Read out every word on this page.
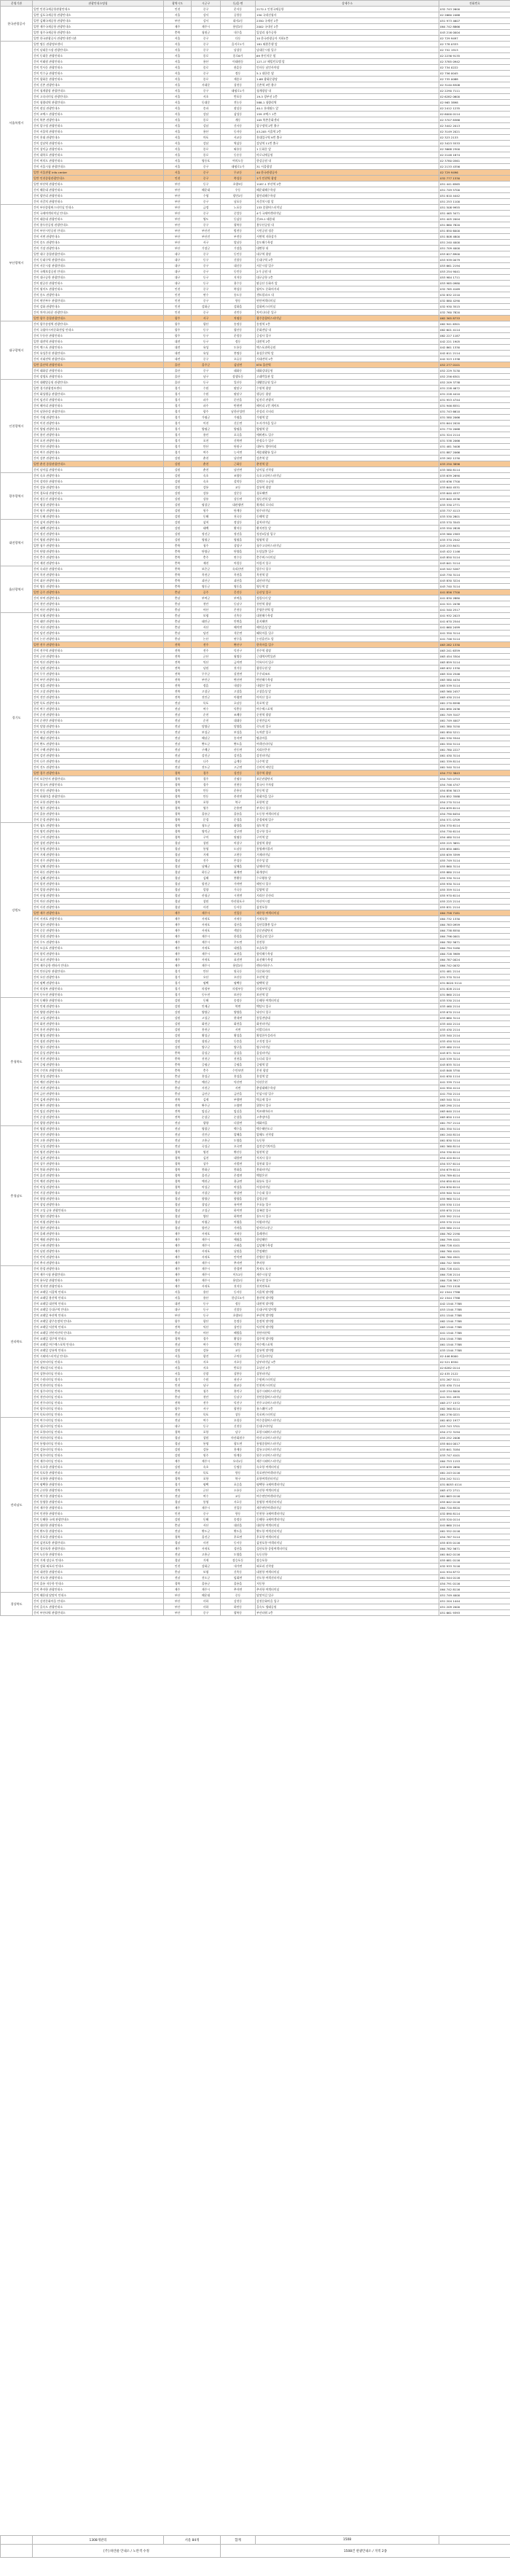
운영기관	관광안내소명칭	광역시도	시군구	동/읍·면	상세주소	전화번호
한국관광공사	일반 인천국제공항관광안내소	인천	중구	운서동	2172-1 인천국제공항	032 743 2600
	일반 김포국제공항 관광안내소	서울	강서	공항동	150 국내선청사	02 2660 2468
	일반 김해국제공항 관광안내소	부산	강서	대저2동	2350 국제선 1층	051 973 4607
	일반 제주국제공항 관광안내소	제주	제주시	용담2동	2002 국내선 1층	064 742 8866
	일반 청주국제공항 관광안내소	충북	청원군	내수읍	입상리 청주공항	043 216 0004
	일반 한국관광공사 관광안내전시관	서울	중구	다동	10 한국관광공사 지하1층	02 729 9497
서울특별시	일반 명동 관광정보센터	서울	중구	을지로1가	181 외환은행 앞	02 778 0333
	간이 남대문시장 관광안내소	서울	중구	남창동	남대문시장 입구	02 752 1913
	간이 동대문 관광안내소	서울	종로	종로6가	69 흥인지문 옆	02 2236 9135
	간이 이태원 관광안내소	서울	용산	이태원동	127-17 해밀턴호텔 앞	02 3785 0942
	간이 인사동 관광안내소	서울	종로	관훈동	인사동 남인사마당	02 734 0222
	간이 덕수궁 관광안내소	서울	중구	정동	5-1 대한문 옆	02 756 0045
	간이 광화문 관광안내소	서울	종로	세종로	1-68 광화문광장	02 735 0088
	간이 신촌 관광안내소	서울	서대문	창천동	신촌역 3번 출구	02 3140 8308
	간이 청계광장 관광안내소	서울	중구	태평로1가	청계광장 내	02 2290 7111
	간이 고속터미널 관광안내소	서울	서초	반포동	19-3 경부선 1층	02 6282 0600
	간이 청량리역 관광안내소	서울	동대문	전농동	588-1 청량리역	02 965 3898
	간이 잠실 관광안내소	서울	송파	잠실동	40-1 롯데월드 앞	02 2412 1235
	간이 코엑스 관광안내소	서울	강남	삼성동	159 코엑스 1층	02 6000 0114
	간이 북촌 관광안내소	서울	종로	계동	105 북촌문화센터	02 3707 8388
	간이 압구정 관광안내소	서울	강남	신사동	압구정역 2번 출구	02 3442 2013
	간이 서울역 관광안내소	서울	용산	동자동	43-205 서울역 2층	02 3149 2021
	간이 홍대 관광안내소	서울	마포	서교동	홍대입구역 9번 출구	02 323 2133
	간이 강남역 관광안내소	서울	강남	역삼동	강남역 11번 출구	02 3423 5533
	간이 창덕궁 관광안내소	서울	종로	와룡동	1 돈화문 앞	02 3668 2300
	간이 대학로 관광안내소	서울	종로	동숭동	마로니에공원	02 2148 1874
	간이 여의도 관광안내소	서울	영등포	여의도동	한강공원 내	02 3780 0561
	간이 서울시청 관광안내소	서울	중구	태평로1가	31 서울광장	02 2133 4356
	일반 서울관광 info center	서울	중구	무교동	40 한국관광공사	02 729 9496
	일반 인천종합관광안내소	인천	중구	북성동	1가 인천역 광장	032 777 1330
	일반 부산역 관광안내소	부산	동구	초량3동	1187-1 부산역 2층	051 441 6565
	간이 해운대 관광안내소	부산	해운대	우동	해운대해수욕장	051 749 5700
	간이 광안리 관광안내소	부산	수영	광안2동	광안리해수욕장	051 610 4442
	간이 자갈치 관광안내소	부산	중구	남포동	자갈치시장 앞	051 253 1100
부산광역시	간이 부산종합버스터미널 안내소	부산	금정	노포동	133 종합버스터미널	051 508 9955
	간이 국제여객터미널 안내소	부산	중구	중앙동	4가 국제여객터미널	051 465 3471
	간이 태종대 관광안내소	부산	영도	동삼동	산29-1 태종대	051 405 2004
	간이 용두산공원 관광안내소	부산	중구	광복동	용두산공원 내	051 860 7820
	간이 부산시민공원 안내소	부산	부산진	범전동	시민공원 정문	051 850 6000
	간이 서면 관광안내소	부산	부산진	부전동	서면역 지하상가	051 808 4800
	간이 송도 관광안내소	부산	서구	암남동	송도해수욕장	051 240 4000
	간이 기장 관광안내소	부산	기장군	기장읍	대변항 내	051 709 4000
	일반 대구 종합관광안내소	대구	중구	동인동	대구역 광장	053 627 8900
	간이 동대구역 관광안내소	대구	동구	신암동	동대구역 1층	053 939 0079
	간이 서문시장 관광안내소	대구	중구	대신동	서문시장 입구	053 661 2194
	간이 국채보상공원 안내소	대구	중구	동인동	2가 공원 내	053 254 9041
	간이 대구공항 관광안내소	대구	동구	지저동	대구공항 1층	053 984 1711
	간이 팔공산 관광안내소	대구	동구	용수동	팔공산 동화사 앞	053 985 0980
	간이 월미도 관광안내소	인천	중구	북성동	월미도 문화의거리	032 765 4169
	간이 송도 관광안내소	인천	연수	송도동	센트럴파크 내	032 832 2210
	간이 연안부두 관광안내소	인천	중구	항동	연안여객터미널	032 880 4290
	간이 강화 관광안내소	인천	강화군	강화읍	강화버스터미널	032 930 3515
	간이 차이나타운 관광안내소	인천	중구	선린동	차이나타운 입구	032 760 7820
	일반 광주 종합관광안내소	광주	서구	치평동	광주종합버스터미널	062 365 8733
대구광역시	간이 광주송정역 관광안내소	광주	광산	송정동	송정역 1층	062 941 6301
	간이 국립아시아문화전당 안내소	광주	동구	광산동	문화전당 내	062 601 4114
	간이 무등산 관광안내소	광주	동구	운림동	증심사 입구	062 227 1187
	일반 대전역 관광안내소	대전	동구	정동	대전역 2층	042 221 1905
	간이 엑스포 관광안내소	대전	유성	도룡동	엑스포과학공원	042 861 1330
	간이 유성온천 관광안내소	대전	유성	봉명동	유성온천역 앞	042 611 2114
	간이 서대전역 관광안내소	대전	중구	오류동	서대전역 1층	042 523 1338
	일반 울산역 관광안내소	울산	울주군	삼남면	KTX 울산역	052 277 0101
	간이 태화강 관광안내소	울산	중구	태화동	태화강대공원	052 229 3130
	간이 장생포 관광안내소	울산	남구	장생포동	고래박물관 앞	052 256 6301
인천광역시	간이 대왕암공원 관광안내소	울산	동구	일산동	대왕암공원 입구	052 209 3738
	일반 경기관광정보센터	경기	수원	팔달구	수원역 광장	031 228 4672
	간이 화성행궁 관광안내소	경기	수원	팔달구	행궁동 광장	031 228 4410
	간이 임진각 관광안내소	경기	파주	문산읍	임진각 관광지	031 953 4744
	간이 헤이리 관광안내소	경기	파주	탄현면	헤이리 1번 게이트	031 946 8551
	간이 남한산성 관광안내소	경기	광주	남한산성면	산성리 로터리	031 743 6610
	간이 가평 관광안내소	경기	가평군	가평읍	가평역 앞	031 580 2066
	간이 이천 관광안내소	경기	이천	신둔면	도자기마을 입구	031 644 2020
	간이 양평 관광안내소	경기	양평군	양평읍	양평역 앞	031 770 2068
	간이 용인 관광안내소	경기	용인	포곡읍	에버랜드 입구	031 324 2114
	간이 포천 관광안내소	경기	포천	신북면	산정호수 입구	031 538 2066
	간이 안산 관광안내소	경기	안산	단원구	대부도 방아머리	031 481 3408
	간이 여주 관광안내소	경기	여주	능서면	세종대왕릉 입구	031 887 2066
	간이 강촌 관광안내소	강원	춘천	남산면	강촌역 앞	033 262 1230
	일반 춘천 종합관광안내소	강원	춘천	근화동	춘천역 앞	033 250 3896
	간이 남이섬 관광안내소	강원	춘천	남산면	남이섬 선착장	033 580 8114
광주광역시	간이 속초 관광안내소	강원	속초	조양동	속초고속버스터미널	033 639 2690
	간이 설악산 관광안내소	강원	속초	설악동	설악산 소공원	033 636 7700
	간이 강릉 관광안내소	강원	강릉	교동	강릉역 광장	033 640 4531
	간이 경포대 관광안내소	강원	강릉	강문동	경포해변	033 640 4537
	간이 정동진 관광안내소	강원	강릉	강동면	정동진역 앞	033 640 4536
	간이 평창 관광안내소	강원	평창군	대관령면	횡계리 로터리	033 330 2771
	간이 원주 관광안내소	강원	원주	단계동	원주터미널	033 737 4113
	간이 동해 관광안내소	강원	동해	천곡동	동해역 앞	033 530 2801
대전광역시	간이 삼척 관광안내소	강원	삼척	정상동	삼척터미널	033 570 3545
	간이 태백 관광안내소	강원	태백	황지동	황지연못 앞	033 550 2828
	간이 정선 관광안내소	강원	정선군	정선읍	정선5일장 입구	033 560 2363
	간이 영월 관광안내소	강원	영월군	영월읍	영월역 앞	033 370 2542
	일반 청주 관광안내소	충북	청주	상당구	청주고속버스터미널	043 233 8431
	간이 단양 관광안내소	충북	단양군	단양읍	도담삼봉 입구	043 422 1146
	간이 충주 관광안내소	충북	충주	연수동	충주버스터미널	043 850 5114
	간이 제천 관광안내소	충북	제천	의림동	의림지 입구	043 641 5114
울산광역시	간이 속리산 관광안내소	충북	보은군	속리산면	법주사 입구	043 542 5267
	간이 옥천 관광안내소	충북	옥천군	옥천읍	옥천역 앞	043 730 3114
	간이 괴산 관광안내소	충북	괴산군	괴산읍	괴산터미널	043 830 3224
	간이 영동 관광안내소	충북	영동군	영동읍	영동역 앞	043 740 3114
	일반 공주 관광안내소	충남	공주	웅진동	공산성 입구	041 856 7700
	간이 부여 관광안내소	충남	부여군	부여읍	정림사지 앞	041 830 2880
	간이 천안 관광안내소	충남	천안	동남구	천안역 광장	041 521 2038
	간이 아산 관광안내소	충남	아산	온천동	온양온천역 앞	041 540 2517
경기도	간이 보령 관광안내소	충남	보령	신흑동	대천해수욕장	041 932 2023
	간이 태안 관광안내소	충남	태안군	안면읍	꽃지해변	041 670 2544
	간이 서산 관광안내소	충남	서산	해미면	해미읍성 앞	041 660 2499
	간이 당진 관광안내소	충남	당진	석문면	왜목마을 입구	041 350 3114
	간이 논산 관광안내소	충남	논산	연무읍	논산훈련소 앞	041 746 5114
	일반 전주 관광안내소	전북	전주	완산구	한옥마을 입구	063 282 1330
	간이 전주역 관광안내소	전북	전주	덕진구	전주역 광장	063 241 6359
	간이 군산 관광안내소	전북	군산	월명동	근대역사박물관	063 454 3304
	간이 익산 관광안내소	전북	익산	금마면	미륵사지 입구	063 859 5114
	간이 남원 관광안내소	전북	남원	천거동	광한루원 앞	063 632 1330
	간이 무주 관광안내소	전북	무주군	설천면	무주리조트	063 320 2546
	간이 부안 관광안내소	전북	부안군	변산면	변산해수욕장	063 580 4434
	간이 정읍 관광안내소	전북	정읍	내장동	내장산 입구	063 539 5114
	간이 고창 관광안내소	전북	고창군	고창읍	고창읍성 앞	063 560 2457
	간이 진안 관광안내소	전북	진안군	마령면	마이산 입구	063 430 2114
	일반 목포 관광안내소	전남	목포	호남동	목포역 앞	061 270 8598
	간이 여수 관광안내소	전남	여수	덕충동	여수엑스포역	061 690 2036
	간이 순천 관광안내소	전남	순천	조례동	순천역 광장	061 749 3107
	간이 순천만 관광안내소	전남	순천	대대동	순천만습지	061 749 4007
	간이 담양 관광안내소	전남	담양군	담양읍	죽녹원 입구	061 380 3150
	간이 보성 관광안내소	전남	보성군	보성읍	녹차밭 입구	061 850 5211
	간이 해남 관광안내소	전남	해남군	송지면	땅끝마을	061 530 5544
	간이 완도 관광안내소	전남	완도군	완도읍	여객선터미널	061 550 5114
	간이 구례 관광안내소	전남	구례군	산동면	지리산온천	061 780 2227
	간이 강진 관광안내소	전남	강진군	강진읍	강진터미널	061 430 3114
	간이 나주 관광안내소	전남	나주	금계동	나주역 앞	061 339 8114
	간이 진도 관광안내소	전남	진도군	고군면	신비의 바닷길	061 540 3114
	일반 경주 관광안내소	경북	경주	성건동	경주역 광장	054 772 3843
	간이 보문단지 관광안내소	경북	경주	신평동	보문관광단지	054 745 0753
	간이 불국사 관광안내소	경북	경주	진현동	불국사 주차장	054 746 4747
	간이 안동 관광안내소	경북	안동	운흥동	안동역 앞	054 856 3013
	간이 하회마을 관광안내소	경북	안동	풍천면	하회마을 입구	054 852 3588
	간이 포항 관광안내소	경북	포항	북구	포항역 앞	054 270 5114
	간이 영주 관광안내소	경북	영주	순흥면	부석사 입구	054 639 6114
	간이 울릉 관광안내소	경북	울릉군	울릉읍	도동항 여객터미널	054 790 6454
	간이 문경 관광안내소	경북	문경	문경읍	문경새재 입구	054 571 0709
강원도	간이 청도 관광안내소	경북	청도군	화양읍	청도역 앞	054 370 6114
	간이 영덕 관광안내소	경북	영덕군	강구면	강구항 입구	054 730 6114
	간이 구미 관광안내소	경북	구미	원평동	구미역 앞	054 480 5114
	일반 창원 관광안내소	경남	창원	의창구	창원역 광장	055 225 3691
	간이 통영 관광안내소	경남	통영	도남동	통영케이블카	055 650 4681
	간이 거제 관광안내소	경남	거제	고현동	거제터미널	055 639 3399
	간이 진주 관광안내소	경남	진주	본성동	진주성 앞	055 749 5114
	간이 남해 관광안내소	경남	남해군	남해읍	남해터미널	055 860 3114
	간이 하동 관광안내소	경남	하동군	화개면	화개장터	055 880 2114
	간이 김해 관광안내소	경남	김해	봉황동	수로왕릉 앞	055 330 3114
	간이 합천 관광안내소	경남	합천군	가야면	해인사 입구	055 930 3114
	간이 밀양 관광안내소	경남	밀양	가곡동	밀양역 앞	055 359 5114
	간이 산청 관광안내소	경남	산청군	시천면	지리산 중산리	055 970 6114
	간이 마산 관광안내소	경남	창원	마산합포구	마산어시장	055 225 2114
	간이 사천 관광안내소	경남	사천	동서동	삼천포항	055 831 2114
	일반 제주 관광안내소	제주	제주시	건입동	제주항 여객터미널	064 758 7181
	간이 서귀포 관광안내소	제주	서귀포	서귀동	서귀포항	064 732 1330
	간이 성산 관광안내소	제주	서귀포	성산읍	성산일출봉 입구	064 783 0959
	간이 중문 관광안내소	제주	서귀포	색달동	중문관광단지	064 738 8550
	간이 한림 관광안내소	제주	제주시	한림읍	한림공원 입구	064 796 0001
	간이 우도 관광안내소	제주	제주시	우도면	천진항	064 782 5671
	간이 모슬포 관광안내소	제주	서귀포	대정읍	모슬포항	064 794 5180
	간이 함덕 관광안내소	제주	제주시	조천읍	함덕해수욕장	064 728 3989
	간이 표선 관광안내소	제주	서귀포	표선면	표선해수욕장	064 787 0024
	간이 제주공항 렌터카 안내소	제주	제주시	용담2동	렌터카하우스	064 742 0032
	간이 안산공단 관광안내소	경기	안산	원곡동	다문화거리	031 481 2114
	간이 오산 관광안내소	경기	오산	오산동	오산역 앞	031 370 3114
	간이 평택 관광안내소	경기	평택	평택동	평택역 앞	031 8024 5114
	간이 의정부 관광안내소	경기	의정부	의정부동	의정부역 앞	031 828 2114
	간이 동두천 관광안내소	경기	동두천	보산동	보산역 앞	031 860 2114
충청북도	간이 동해항 관광안내소	강원	동해	송정동	동해항 여객터미널	033 530 2114
	간이 인제 관광안내소	강원	인제군	북면	백담사 입구	033 460 2114
	간이 양양 관광안내소	강원	양양군	양양읍	낙산사 입구	033 670 2114
	간이 고성 관광안내소	강원	고성군	현내면	통일전망대	033 680 3114
	간이 화천 관광안내소	강원	화천군	화천읍	화천터미널	033 440 2114
	간이 홍천 관광안내소	강원	홍천군	서면	비발디파크	033 430 2114
	간이 횡성 관광안내소	강원	횡성군	횡성읍	횡성한우플라자	033 340 2114
	간이 철원 관광안내소	강원	철원군	동송읍	고석정 입구	033 450 5114
	간이 양구 관광안내소	강원	양구군	양구읍	양구터미널	033 480 2114
	간이 음성 관광안내소	충북	음성군	음성읍	음성터미널	043 871 3114
	간이 진천 관광안내소	충북	진천군	진천읍	농다리 입구	043 539 3114
	간이 증평 관광안내소	충북	증평군	증평읍	증평역 앞	043 835 3114
	간이 수안보 관광안내소	충북	충주	수안보면	온천 광장	043 848 3750
	간이 홍성 관광안내소	충남	홍성군	홍성읍	홍성역 앞	041 630 1114
	간이 예산 관광안내소	충남	예산군	덕산면	덕산온천	041 339 7114
	간이 서천 관광안내소	충남	서천군	서면	춘장대해수욕장	041 950 4114
	간이 금산 관광안내소	충남	금산군	금산읍	인삼시장 입구	041 750 2114
	간이 김제 관광안내소	전북	김제	부량면	벽골제 입구	063 540 3114
	간이 완주 관광안내소	전북	완주군	소양면	위봉사 입구	063 290 2114
	간이 임실 관광안내소	전북	임실군	임실읍	치즈테마파크	063 640 2114
	간이 순창 관광안내소	전북	순창군	순창읍	고추장마을	063 650 1114
	간이 광양 관광안내소	전남	광양	다압면	매화마을	061 797 2114
충청남도	간이 영광 관광안내소	전남	영광군	백수읍	백수해안도로	061 350 5114
	간이 신안 관광안내소	전남	신안군	압해읍	압해도 선착장	061 240 8114
	간이 고흥 관광안내소	전남	고흥군	도양읍	녹동항	061 830 5114
	간이 곡성 관광안내소	전남	곡성군	오곡면	섬진강기차마을	061 360 8114
	간이 영천 관광안내소	경북	영천	완산동	영천역 앞	054 330 6114
	간이 김천 관광안내소	경북	김천	대항면	직지사 입구	054 420 6114
	간이 상주 관광안내소	경북	상주	사벌면	경천대 입구	054 537 6114
	간이 봉화 관광안내소	경북	봉화군	봉화읍	봉화터미널	054 679 6114
	간이 울진 관광안내소	경북	울진군	온정면	백암온천	054 789 6114
	간이 예천 관광안내소	경북	예천군	용궁면	회룡포 입구	054 650 6114
	간이 의성 관광안내소	경북	의성군	의성읍	의성터미널	054 830 6114
	간이 거창 관광안내소	경남	거창군	북상면	수승대 입구	055 940 3114
	간이 함양 관광안내소	경남	함양군	함양읍	상림공원	055 960 5114
	간이 창녕 관광안내소	경남	창녕군	유어면	우포늪 입구	055 530 1114
	간이 고성 공룡 관광안내소	경남	고성군	하이면	상족암 입구	055 670 2114
	간이 양산 관광안내소	경남	양산	하북면	통도사 입구	055 392 2114
	간이 의령 관광안내소	경남	의령군	의령읍	의령터미널	055 570 2114
	간이 함안 관광안내소	경남	함안군	가야읍	말이산고분군	055 580 2114
	간이 올레 관광안내소	제주	서귀포	서귀동	올레센터	064 762 2190
	간이 애월 관광안내소	제주	제주시	애월읍	한담해안	064 799 4101
	간이 구좌 관광안내소	제주	제주시	구좌읍	김녕해수욕장	064 728 4101
	간이 남원 관광안내소	제주	서귀포	남원읍	큰엉해안	064 760 4101
	간이 안덕 관광안내소	제주	서귀포	안덕면	산방산 입구	064 760 4501
	간이 추자 관광안내소	제주	제주시	추자면	추자항	064 742 3595
전라북도	간이 한경 관광안내소	제주	제주시	한경면	차귀도 포구	064 728 4101
	간이 제주시청 관광안내소	제주	제주시	이도2동	제주시청 앞	064 728 2114
	간이 용두암 관광안내소	제주	제주시	용담2동	용두암 입구	064 728 3917
	간이 천지연 관광안내소	제주	서귀포	천지동	천지연폭포	064 733 1528
	간이 코레일 서울역 안내소	서울	용산	동자동	서울역 맞이방	02 1544 7788
	간이 코레일 용산역 안내소	서울	용산	한강로3가	용산역 맞이방	02 1544 7788
	간이 코레일 대전역 안내소	대전	동구	정동	대전역 맞이방	042 1544 7788
	간이 코레일 동대구역 안내소	대구	동구	신암동	동대구역 맞이방	053 1544 7788
	간이 코레일 부산역 안내소	부산	동구	초량3동	부산역 맞이방	051 1544 7788
	간이 코레일 광주송정역 안내소	광주	광산	송정동	송정역 맞이방	062 1544 7788
	간이 코레일 익산역 안내소	전북	익산	창인동	익산역 맞이방	063 1544 7788
	간이 코레일 천안아산역 안내소	충남	아산	배방읍	천안아산역	041 1544 7788
	간이 코레일 경주역 안내소	경북	경주	황성동	경주역 맞이방	054 1544 7788
	간이 코레일 여수엑스포역 안내소	전남	여수	덕충동	여수엑스포역	061 1544 7788
	간이 코레일 강릉역 안내소	강원	강릉	교동	강릉역 맞이방	033 1544 7788
	간이 시외버스터미널 안내소	서울	광진	구의동	동서울터미널	02 446 8000
	간이 남부터미널 안내소	서울	서초	서초동	남부터미널 1층	02 521 8550
	간이 센트럴시티 안내소	서울	서초	반포동	호남선 1층	02 6282 0114
	간이 상봉터미널 안내소	서울	중랑	상봉동	상봉터미널	02 435 2122
	간이 수원터미널 안내소	경기	수원	권선구	수원버스터미널	031 267 5111
	간이 인천터미널 안내소	인천	남구	관교동	인천버스터미널	032 430 7114
	간이 청주터미널 안내소	충북	청주	흥덕구	청주시외버스터미널	043 234 8000
	간이 천안터미널 안내소	충남	천안	동남구	천안종합버스터미널	041 551 4935
	간이 전주터미널 안내소	전북	전주	덕진구	전주고속버스터미널	063 277 1572
	간이 광주터미널 안내소	광주	서구	광천동	유스퀘어 1층	062 360 8114
	간이 목포터미널 안내소	전남	목포	상동	목포버스터미널	061 276 0221
전라남도	간이 여수터미널 안내소	전남	여수	오림동	여수종합버스터미널	061 652 1977
	간이 대구터미널 안내소	대구	동구	신천동	동대구터미널	053 743 3701
	간이 포항터미널 안내소	경북	포항	남구	포항시외버스터미널	054 272 3194
	간이 마산터미널 안내소	경남	창원	마산회원구	마산고속버스터미널	055 252 2006
	간이 통영터미널 안내소	경남	통영	광도면	통영종합버스터미널	055 644 0017
	간이 강릉터미널 안내소	강원	강릉	홍제동	강릉고속버스터미널	033 641 3184
	간이 원주터미널 안내소	강원	원주	단계동	원주고속버스터미널	033 747 4101
	간이 제주터미널 안내소	제주	제주시	오라1동	제주시외버스터미널	064 753 1153
	간이 속초항 관광안내소	강원	속초	동명동	속초항 여객터미널	033 639 2690
	간이 목포항 관광안내소	전남	목포	항동	목포연안여객터미널	061 243 0116
	간이 포항항 관광안내소	경북	포항	북구	포항여객선터미널	054 242 5111
	간이 평택항 관광안내소	경기	평택	포승읍	평택항 국제여객터미널	031 8053 4114
	간이 군산항 관광안내소	전북	군산	소룡동	군산항 여객터미널	063 472 2711
	간이 여수항 관광안내소	전남	여수	교동	여수연안여객터미널	061 663 0116
	간이 통영항 관광안내소	경남	통영	서호동	통영항 여객선터미널	055 642 0116
	간이 제주항 관광안내소	제주	제주시	건입동	제주연안여객터미널	064 720 8520
	간이 인천항 관광안내소	인천	중구	항동	인천항 국제여객터미널	032 890 8114
	간이 동해항 국제 관광안내소	강원	동해	송정동	동해항 국제여객터미널	033 520 0114
	간이 대산항 관광안내소	충남	서산	대산읍	대산항 여객터미널	041 660 2114
	간이 완도항 관광안내소	전남	완도군	완도읍	완도항 여객선터미널	061 552 0116
	간이 후포항 관광안내소	경북	울진군	후포면	후포항 여객터미널	054 787 5114
	간이 삼천포항 관광안내소	경남	사천	동서동	삼천포항 여객터미널	055 835 0116
	간이 성산포항 관광안내소	제주	서귀포	성산읍	성산포항 종합여객터미널	064 782 5671
	간이 녹동항 관광안내소	전남	고흥군	도양읍	녹동신항	061 842 0116
	간이 거제 장승포 안내소	경남	거제	장승포동	장승포항	055 681 0116
	간이 강화 외포리 안내소	인천	강화군	내가면	외포리 선착장	032 933 3116
	간이 대천항 관광안내소	충남	보령	신흑동	대천항 여객터미널	041 934 8772
	간이 진도항 관광안내소	전남	진도군	임회면	진도항 여객선터미널	061 544 0116
	간이 울릉 저동항 안내소	경북	울릉군	울릉읍	저동항	054 791 0116
	간이 추자항 관광안내소	제주	제주시	추자면	추자항 여객터미널	064 742 8116
경상북도	간이 해운대 달맞이 안내소	부산	해운대	중동	달맞이길 입구	051 749 4000
	간이 감천문화마을 안내소	부산	사하	감천동	감천문화마을 입구	051 204 1444
	간이 을숙도 관광안내소	부산	사하	하단동	을숙도 생태공원	051 209 2000
	간이 부산타워 관광안내소	부산	중구	광복동	부산타워 1층	051 661 9393
	1308개관리	서울 84개	합계	1508	
	[주] 하얀줄 안내소 / 노란색 수정		1508건 관광안내소 / 지역 2종		
